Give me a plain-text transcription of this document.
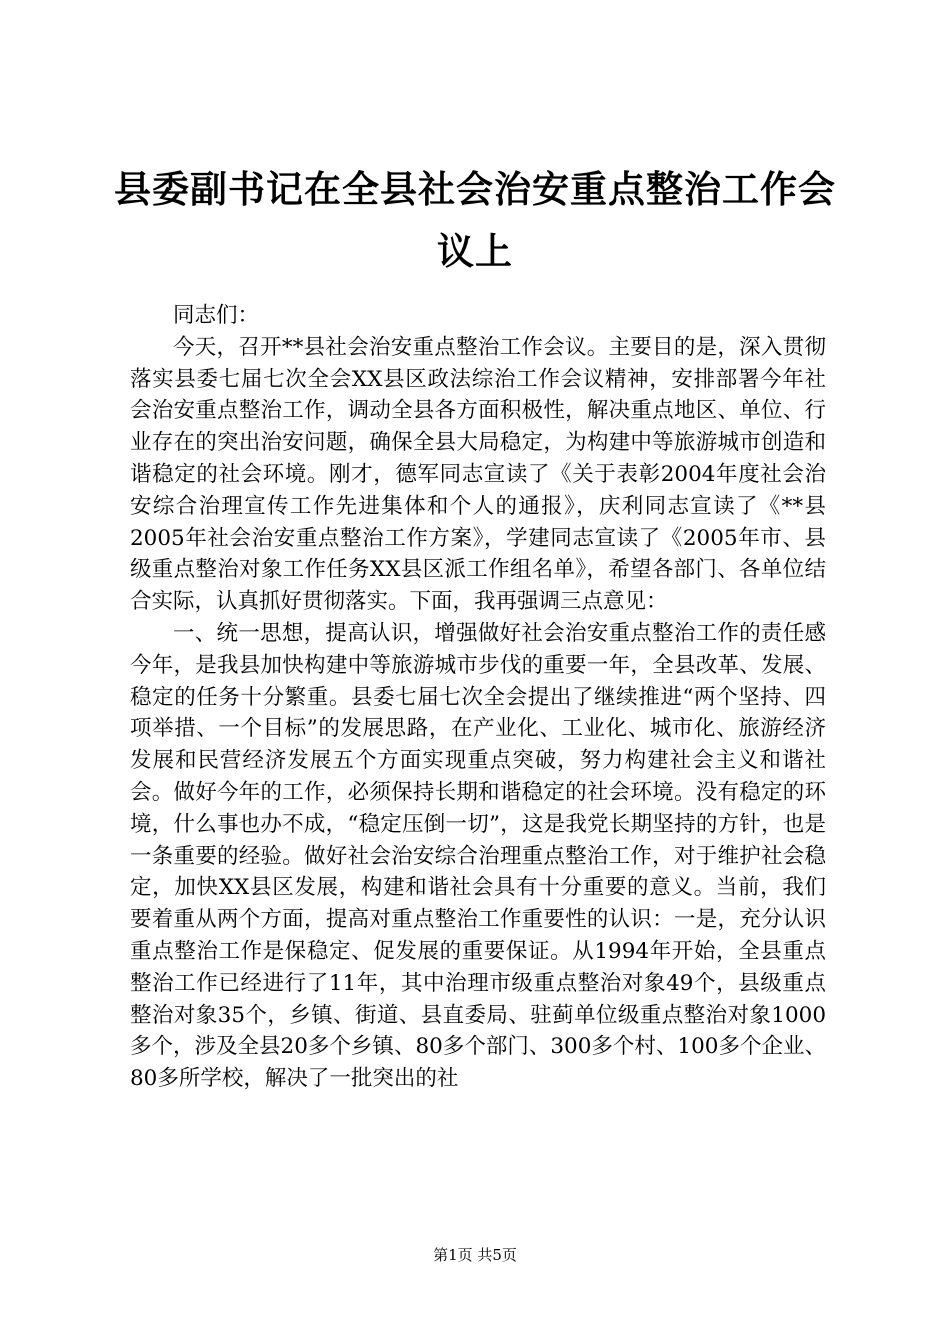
县委副书记在全县社会治安重点整治工作会议上

同志们：

今天，召开**县社会治安重点整治工作会议。主要目的是，深入贯彻落实县委七届七次全会XX县区政法综治工作会议精神，安排部署今年社会治安重点整治工作，调动全县各方面积极性，解决重点地区、单位、行业存在的突出治安问题，确保全县大局稳定，为构建中等旅游城市创造和谐稳定的社会环境。刚才，德军同志宣读了《关于表彰2004年度社会治安综合治理宣传工作先进集体和个人的通报》，庆利同志宣读了《**县2005年社会治安重点整治工作方案》，学建同志宣读了《2005年市、县级重点整治对象工作任务XX县区派工作组名单》，希望各部门、各单位结合实际，认真抓好贯彻落实。下面，我再强调三点意见：

一、统一思想，提高认识，增强做好社会治安重点整治工作的责任感今年，是我县加快构建中等旅游城市步伐的重要一年，全县改革、发展、稳定的任务十分繁重。县委七届七次全会提出了继续推进“两个坚持、四项举措、一个目标”的发展思路，在产业化、工业化、城市化、旅游经济发展和民营经济发展五个方面实现重点突破，努力构建社会主义和谐社会。做好今年的工作，必须保持长期和谐稳定的社会环境。没有稳定的环境，什么事也办不成，“稳定压倒一切”，这是我党长期坚持的方针，也是一条重要的经验。做好社会治安综合治理重点整治工作，对于维护社会稳定，加快XX县区发展，构建和谐社会具有十分重要的意义。当前，我们要着重从两个方面，提高对重点整治工作重要性的认识：一是，充分认识重点整治工作是保稳定、促发展的重要保证。从1994年开始，全县重点整治工作已经进行了11年，其中治理市级重点整治对象49个，县级重点整治对象35个，乡镇、街道、县直委局、驻蓟单位级重点整治对象1000多个，涉及全县20多个乡镇、80多个部门、300多个村、100多个企业、80多所学校，解决了一批突出的社

第1页 共5页
